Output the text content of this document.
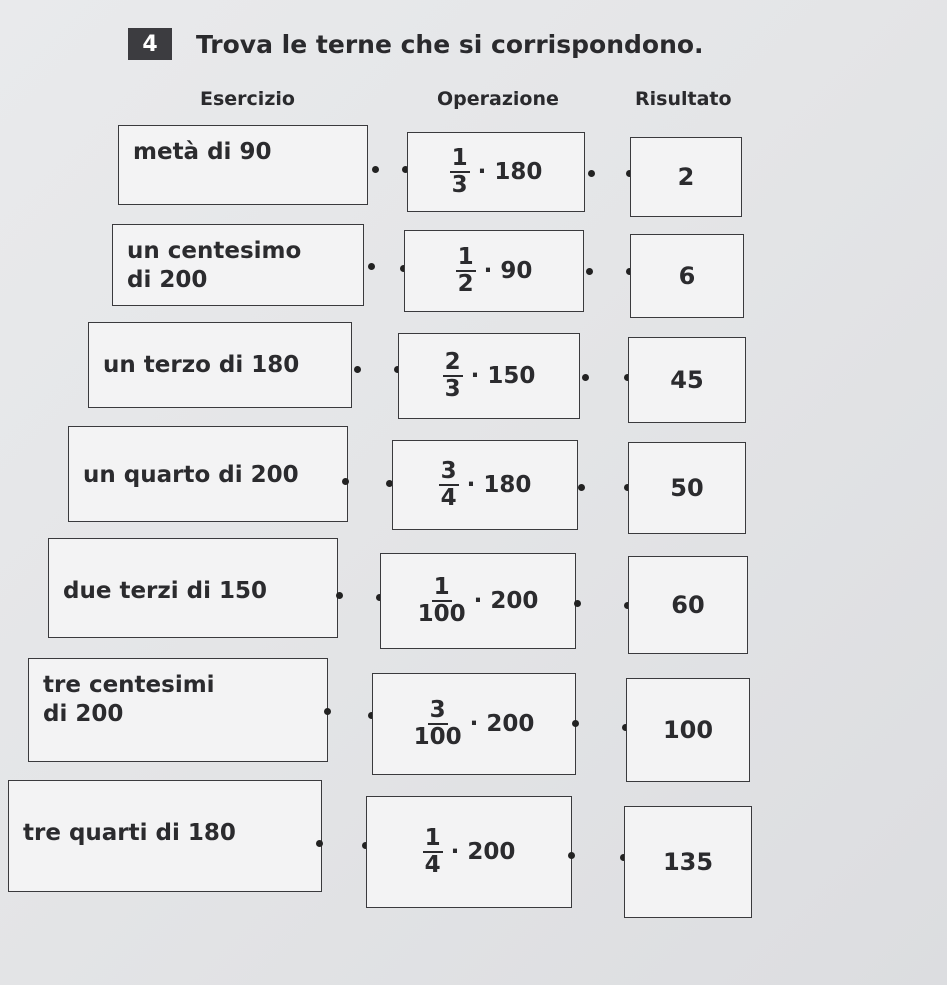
4	Trova le terne che si corrispondono.
Esercizio	Operazione	Risultato
metà di 90	$\frac{1}{3} \cdot 180$	2
un centesimo
di 200	$\frac{1}{2} \cdot 90$	6
un terzo di 180	$\frac{2}{3} \cdot 150$	45
un quarto di 200	$\frac{3}{4} \cdot 180$	50
due terzi di 150	$\frac{1}{100} \cdot 200$	60
tre centesimi
di 200	$\frac{3}{100} \cdot 200$	100
tre quarti di 180	$\frac{1}{4} \cdot 200$	135
